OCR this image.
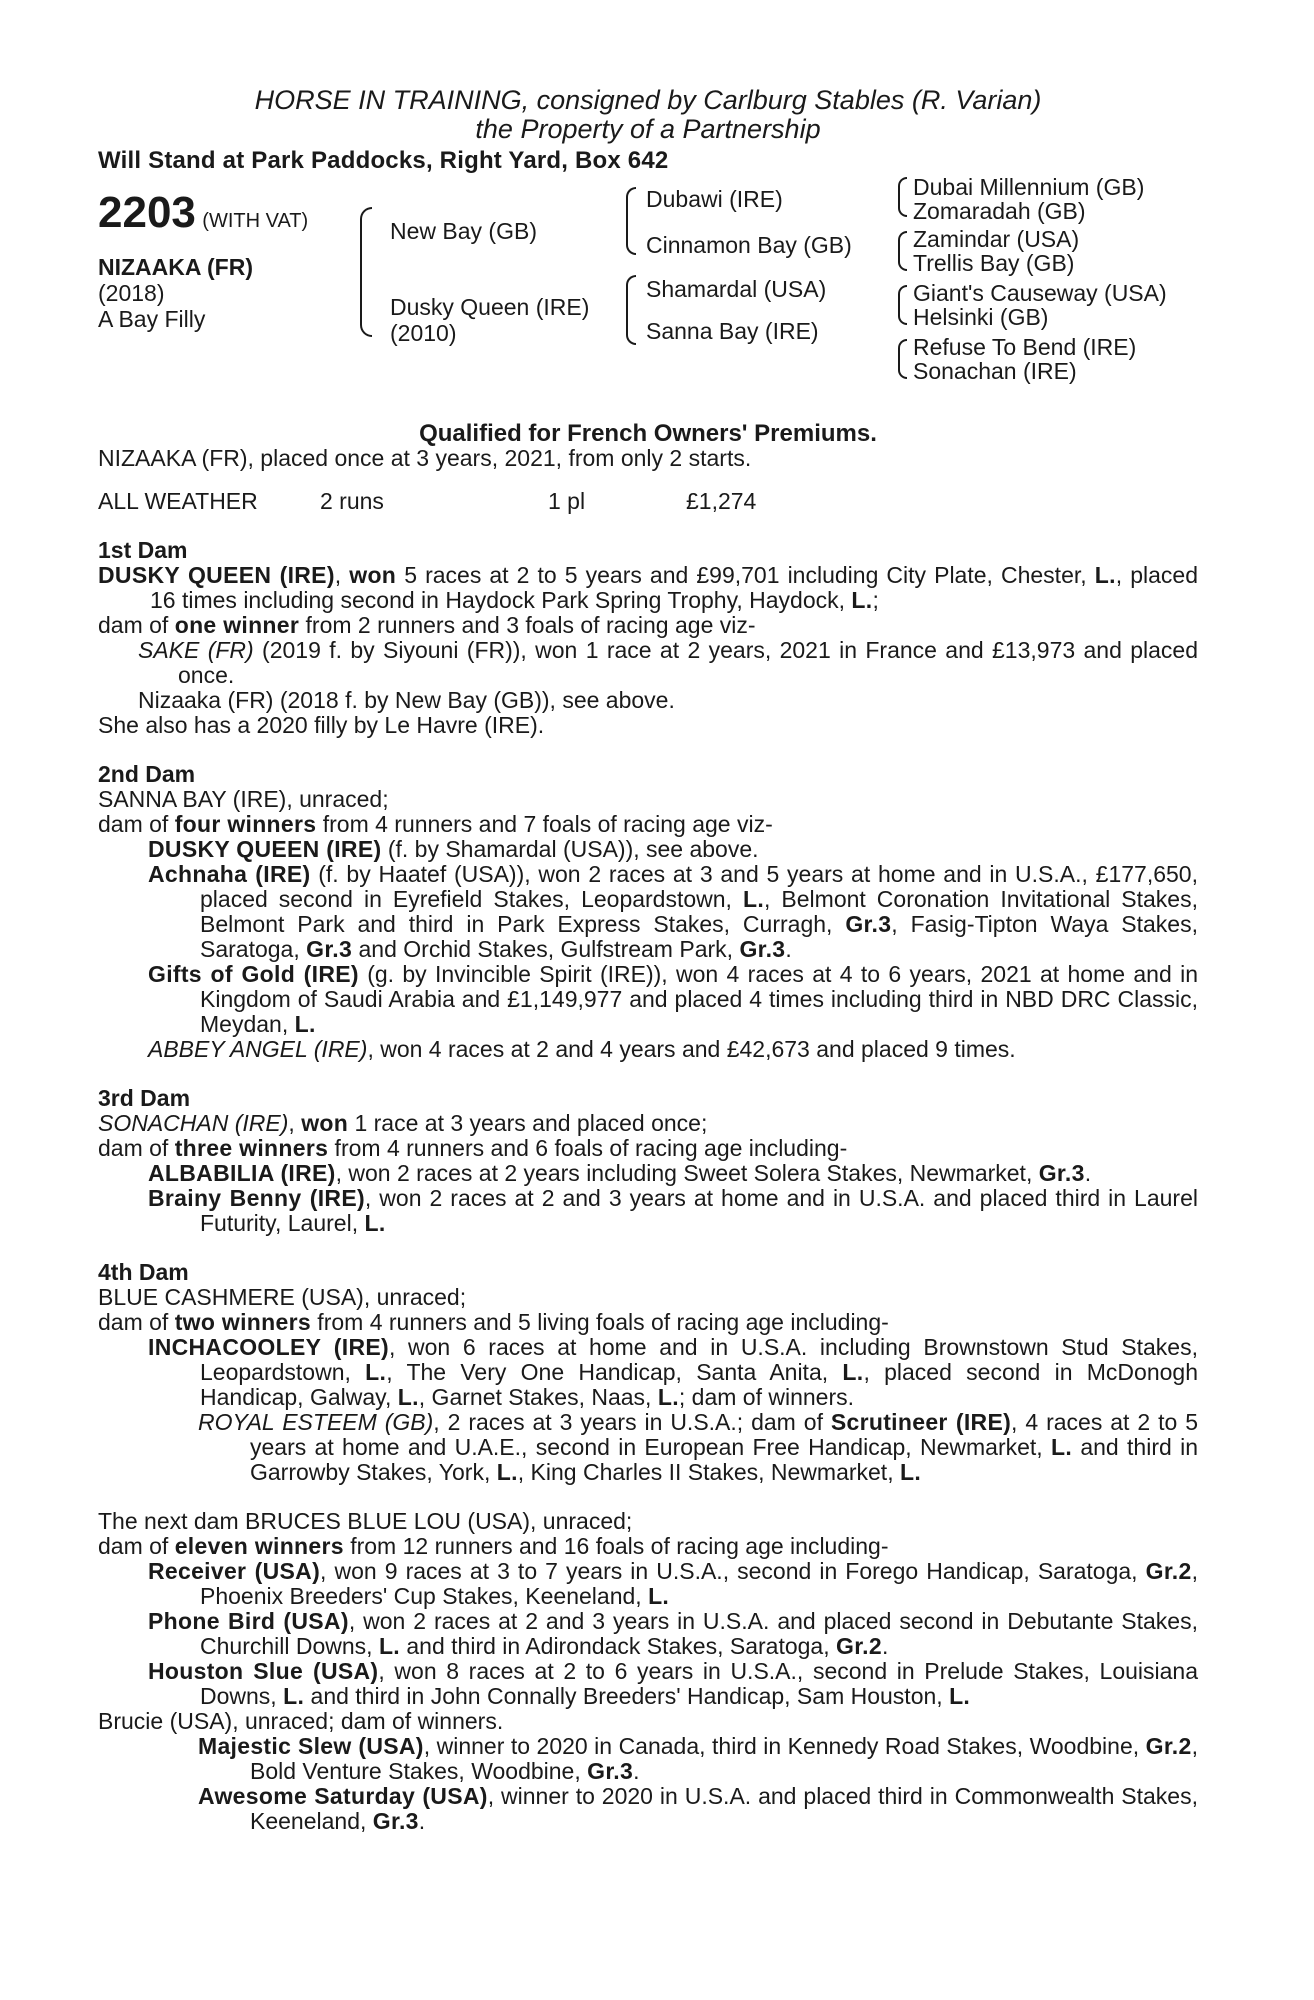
HORSE IN TRAINING, consigned by Carlburg Stables (R. Varian)
the Property of a Partnership
Will Stand at Park Paddocks, Right Yard, Box 642
2203 (WITH VAT)
NIZAAKA (FR)
(2018)
A Bay Filly
New Bay (GB)
Dusky Queen (IRE)
(2010)
Dubawi (IRE)
Cinnamon Bay (GB)
Shamardal (USA)
Sanna Bay (IRE)
Dubai Millennium (GB)
Zomaradah (GB)
Zamindar (USA)
Trellis Bay (GB)
Giant's Causeway (USA)
Helsinki (GB)
Refuse To Bend (IRE)
Sonachan (IRE)
Qualified for French Owners' Premiums.
NIZAAKA (FR), placed once at 3 years, 2021, from only 2 starts.
ALL WEATHER	2 runs	1 pl	£1,274
1st Dam

DUSKY QUEEN (IRE), won 5 races at 2 to 5 years and £99,701 including City Plate, Chester, L., placed 16 times including second in Haydock Park Spring Trophy, Haydock, L.;

dam of one winner from 2 runners and 3 foals of racing age viz-

SAKE (FR) (2019 f. by Siyouni (FR)), won 1 race at 2 years, 2021 in France and £13,973 and placed once.

Nizaaka (FR) (2018 f. by New Bay (GB)), see above.

She also has a 2020 filly by Le Havre (IRE).

2nd Dam

SANNA BAY (IRE), unraced;

dam of four winners from 4 runners and 7 foals of racing age viz-

DUSKY QUEEN (IRE) (f. by Shamardal (USA)), see above.

Achnaha (IRE) (f. by Haatef (USA)), won 2 races at 3 and 5 years at home and in U.S.A., £177,650, placed second in Eyrefield Stakes, Leopardstown, L., Belmont Coronation Invitational Stakes, Belmont Park and third in Park Express Stakes, Curragh, Gr.3, Fasig-Tipton Waya Stakes, Saratoga, Gr.3 and Orchid Stakes, Gulfstream Park, Gr.3.

Gifts of Gold (IRE) (g. by Invincible Spirit (IRE)), won 4 races at 4 to 6 years, 2021 at home and in Kingdom of Saudi Arabia and £1,149,977 and placed 4 times including third in NBD DRC Classic, Meydan, L.

ABBEY ANGEL (IRE), won 4 races at 2 and 4 years and £42,673 and placed 9 times.

3rd Dam

SONACHAN (IRE), won 1 race at 3 years and placed once;

dam of three winners from 4 runners and 6 foals of racing age including-

ALBABILIA (IRE), won 2 races at 2 years including Sweet Solera Stakes, Newmarket, Gr.3.

Brainy Benny (IRE), won 2 races at 2 and 3 years at home and in U.S.A. and placed third in Laurel Futurity, Laurel, L.

4th Dam

BLUE CASHMERE (USA), unraced;

dam of two winners from 4 runners and 5 living foals of racing age including-

INCHACOOLEY (IRE), won 6 races at home and in U.S.A. including Brownstown Stud Stakes, Leopardstown, L., The Very One Handicap, Santa Anita, L., placed second in McDonogh Handicap, Galway, L., Garnet Stakes, Naas, L.; dam of winners.

ROYAL ESTEEM (GB), 2 races at 3 years in U.S.A.; dam of Scrutineer (IRE), 4 races at 2 to 5 years at home and U.A.E., second in European Free Handicap, Newmarket, L. and third in Garrowby Stakes, York, L., King Charles II Stakes, Newmarket, L.

The next dam BRUCES BLUE LOU (USA), unraced;

dam of eleven winners from 12 runners and 16 foals of racing age including-

Receiver (USA), won 9 races at 3 to 7 years in U.S.A., second in Forego Handicap, Saratoga, Gr.2, Phoenix Breeders' Cup Stakes, Keeneland, L.

Phone Bird (USA), won 2 races at 2 and 3 years in U.S.A. and placed second in Debutante Stakes, Churchill Downs, L. and third in Adirondack Stakes, Saratoga, Gr.2.

Houston Slue (USA), won 8 races at 2 to 6 years in U.S.A., second in Prelude Stakes, Louisiana Downs, L. and third in John Connally Breeders' Handicap, Sam Houston, L.

Brucie (USA), unraced; dam of winners.

Majestic Slew (USA), winner to 2020 in Canada, third in Kennedy Road Stakes, Woodbine, Gr.2, Bold Venture Stakes, Woodbine, Gr.3.

Awesome Saturday (USA), winner to 2020 in U.S.A. and placed third in Commonwealth Stakes, Keeneland, Gr.3.
